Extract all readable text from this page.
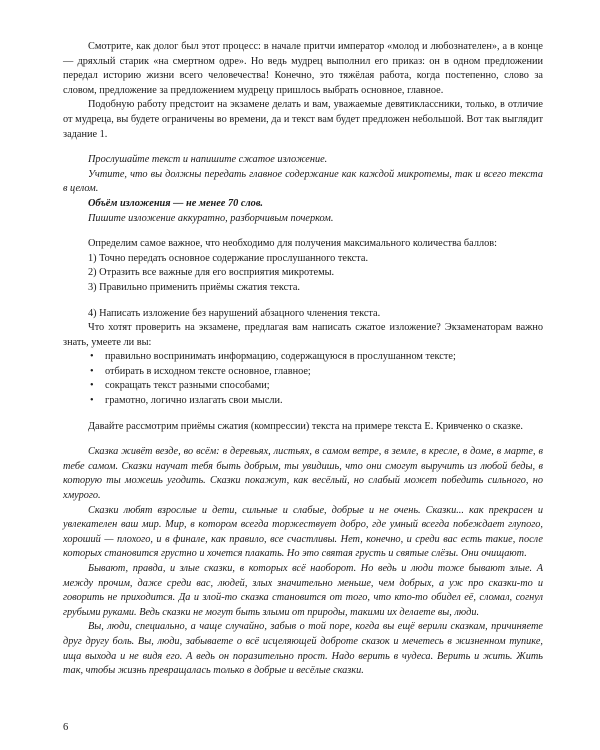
Смотрите, как долог был этот процесс: в начале притчи император «молод и любознателен», а в конце — дряхлый старик «на смертном одре». Но ведь мудрец выполнил его приказ: он в одном предложении передал историю жизни всего человечества! Конечно, это тяжёлая работа, когда постепенно, слово за словом, предложение за предложением мудрецу пришлось выбрать основное, главное.

Подобную работу предстоит на экзамене делать и вам, уважаемые девятиклассники, только, в отличие от мудреца, вы будете ограничены во времени, да и текст вам будет предложен небольшой. Вот так выглядит задание 1.

Прослушайте текст и напишите сжатое изложение.

Учтите, что вы должны передать главное содержание как каждой микротемы, так и всего текста в целом.

Объём изложения — не менее 70 слов.

Пишите изложение аккуратно, разборчивым почерком.

Определим самое важное, что необходимо для получения максимального количества баллов:

1) Точно передать основное содержание прослушанного текста.
2) Отразить все важные для его восприятия микротемы.
3) Правильно применить приёмы сжатия текста.
4) Написать изложение без нарушений абзацного членения текста.

Что хотят проверить на экзамене, предлагая вам написать сжатое изложение? Экзаменаторам важно знать, умеете ли вы:

• правильно воспринимать информацию, содержащуюся в прослушанном тексте;
• отбирать в исходном тексте основное, главное;
• сокращать текст разными способами;
• грамотно, логично излагать свои мысли.

Давайте рассмотрим приёмы сжатия (компрессии) текста на примере текста Е. Кривченко о сказке.

Сказка живёт везде, во всём: в деревьях, листьях, в самом ветре, в земле, в кресле, в доме, в марте, в тебе самом. Сказки научат тебя быть добрым, ты увидишь, что они смогут выручить из любой беды, в которую ты можешь угодить. Сказки покажут, как весёлый, но слабый может победить сильного, но хмурого.

Сказки любят взрослые и дети, сильные и слабые, добрые и не очень. Сказки... как прекрасен и увлекателен ваш мир. Мир, в котором всегда торжествует добро, где умный всегда побеждает глупого, хороший — плохого, и в финале, как правило, все счастливы. Нет, конечно, и среди вас есть такие, после которых становится грустно и хочется плакать. Но это святая грусть и святые слёзы. Они очищают.

Бывают, правда, и злые сказки, в которых всё наоборот. Но ведь и люди тоже бывают злые. А между прочим, даже среди вас, людей, злых значительно меньше, чем добрых, а уж про сказки-то и говорить не приходится. Да и злой-то сказка становится от того, что кто-то обидел её, сломал, согнул грубыми руками. Ведь сказки не могут быть злыми от природы, такими их делаете вы, люди.

Вы, люди, специально, а чаще случайно, забыв о той поре, когда вы ещё верили сказкам, причиняете друг другу боль. Вы, люди, забываете о всё исцеляющей доброте сказок и мечетесь в жизненном тупике, ища выхода и не видя его. А ведь он поразительно прост. Надо верить в чудеса. Верить и жить. Жить так, чтобы жизнь превращалась только в добрые и весёлые сказки.

6
